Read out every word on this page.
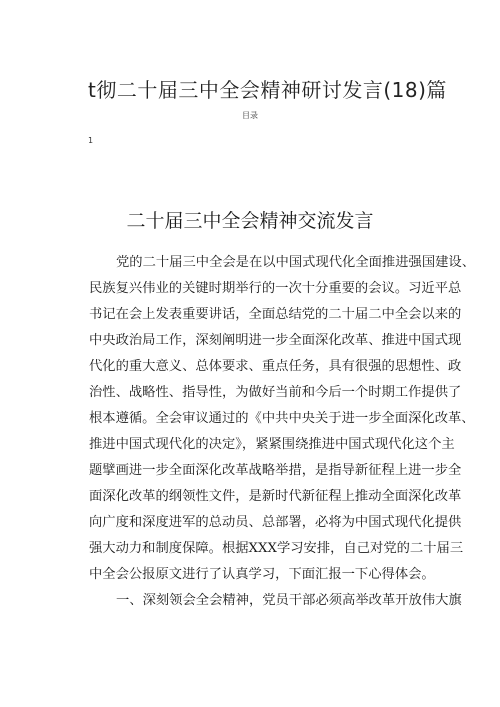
t彻二十届三中全会精神研讨发言(18)篇
目录
1
二十届三中全会精神交流发言
党的二十届三中全会是在以中国式现代化全面推进强国建设、
民族复兴伟业的关键时期举行的一次十分重要的会议。习近平总
书记在会上发表重要讲话，全面总结党的二十届二中全会以来的
中央政治局工作，深刻阐明进一步全面深化改革、推进中国式现
代化的重大意义、总体要求、重点任务，具有很强的思想性、政
治性、战略性、指导性，为做好当前和今后一个时期工作提供了
根本遵循。全会审议通过的《中共中央关于进一步全面深化改革、
推进中国式现代化的决定》，紧紧围绕推进中国式现代化这个主
题擘画进一步全面深化改革战略举措，是指导新征程上进一步全
面深化改革的纲领性文件，是新时代新征程上推动全面深化改革
向广度和深度进军的总动员、总部署，必将为中国式现代化提供
强大动力和制度保障。根据XXX学习安排，自己对党的二十届三
中全会公报原文进行了认真学习，下面汇报一下心得体会。
一、深刻领会全会精神，党员干部必须高举改革开放伟大旗
